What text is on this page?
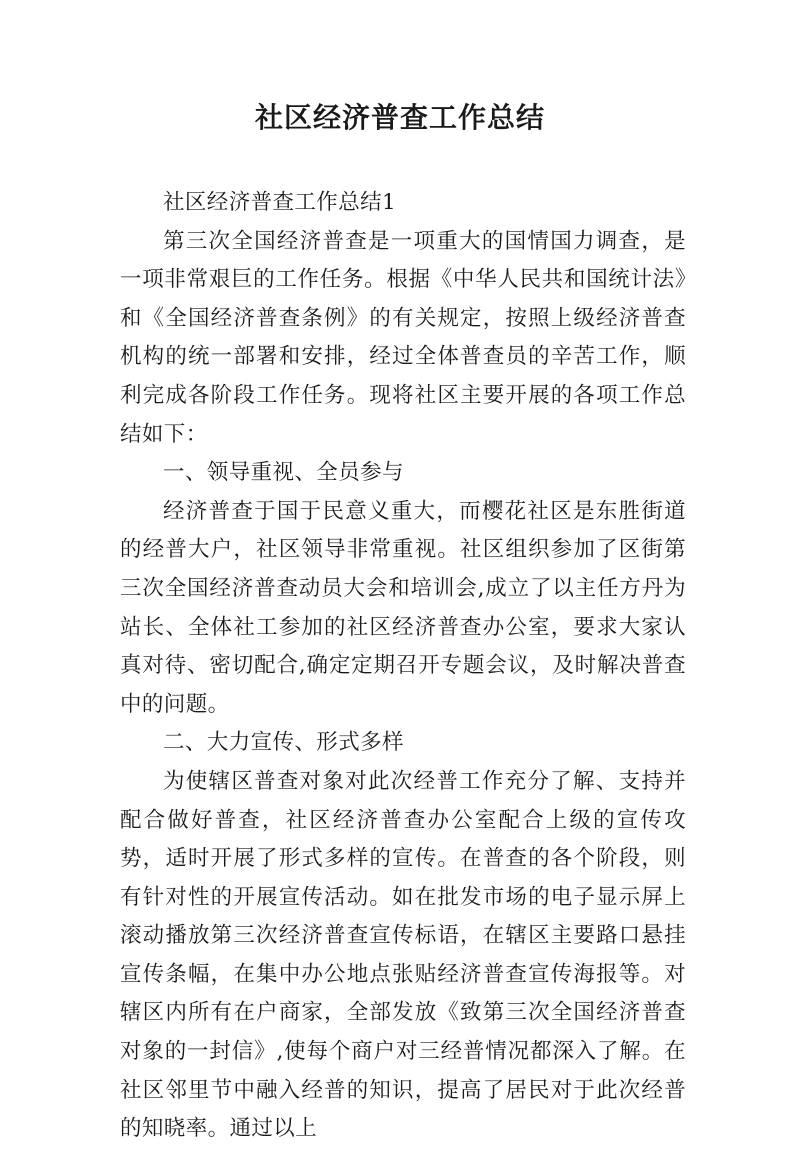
社区经济普查工作总结

社区经济普查工作总结1

第三次全国经济普查是一项重大的国情国力调查，是一项非常艰巨的工作任务。根据《中华人民共和国统计法》和《全国经济普查条例》的有关规定，按照上级经济普查机构的统一部署和安排，经过全体普查员的辛苦工作，顺利完成各阶段工作任务。现将社区主要开展的各项工作总结如下：

一、领导重视、全员参与

经济普查于国于民意义重大，而樱花社区是东胜街道的经普大户，社区领导非常重视。社区组织参加了区街第三次全国经济普查动员大会和培训会,成立了以主任方丹为站长、全体社工参加的社区经济普查办公室，要求大家认真对待、密切配合,确定定期召开专题会议，及时解决普查中的问题。

二、大力宣传、形式多样

为使辖区普查对象对此次经普工作充分了解、支持并配合做好普查，社区经济普查办公室配合上级的宣传攻势，适时开展了形式多样的宣传。在普查的各个阶段，则有针对性的开展宣传活动。如在批发市场的电子显示屏上滚动播放第三次经济普查宣传标语，在辖区主要路口悬挂宣传条幅，在集中办公地点张贴经济普查宣传海报等。对辖区内所有在户商家，全部发放《致第三次全国经济普查对象的一封信》,使每个商户对三经普情况都深入了解。在社区邻里节中融入经普的知识，提高了居民对于此次经普的知晓率。通过以上
